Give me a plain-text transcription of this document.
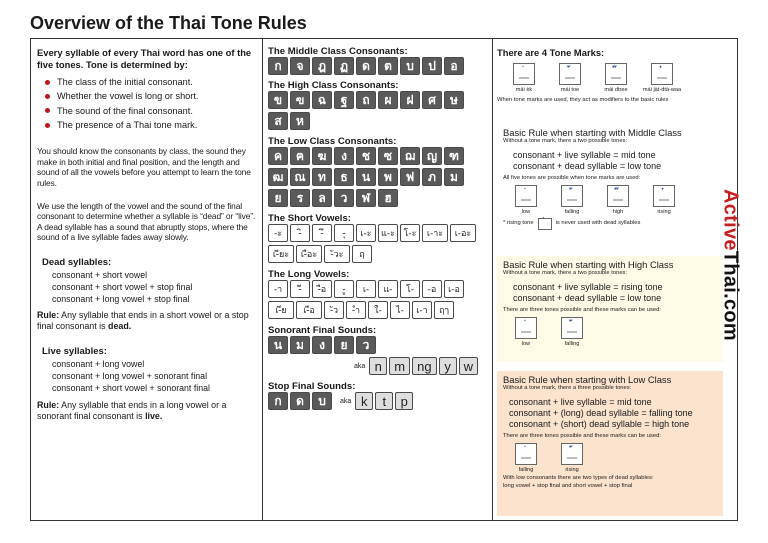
Overview of the Thai Tone Rules
Every syllable of every Thai word has one of the five tones. Tone is determined by:
The class of the initial consonant.
Whether the vowel is long or short.
The sound of the final consonant.
The presence of a Thai tone mark.
You should know the consonants by class, the sound they make in both initial and final position, and the length and sound of all the vowels before you attempt to learn the tone rules.
We use the length of the vowel and the sound of the final consonant to determine whether a syllable is “dead” or “live”. A dead syllable has a sound that abruptly stops, where the sound of a live syllable fades away slowly.
Dead syllables:
consonant + short vowel
consonant + short vowel + stop final
consonant + long vowel + stop final
Rule: Any syllable that ends in a short vowel or a stop final consonant is dead.
Live syllables:
consonant + long vowel
consonant + long vowel + sonorant final
consonant + short vowel + sonorant final
Rule: Any syllable that ends in a long vowel or a sonorant final consonant is live.
The Middle Class Consonants:
ก	จ	ฎ	ฏ	ด	ต	บ	ป	อ
The High Class Consonants:
ข	ฃ	ฉ	ฐ	ถ	ผ	ฝ	ศ	ษ
ส	ห
The Low Class Consonants:
ค	ฅ	ฆ	ง	ช	ซ	ฌ ญ ฑ
ฒ ณ	ท	ธ	น	พ	ฟ	ภ	ม
ย	ร	ล	ว	ฬ	ฮ
The Short Vowels:
-ะ	-ิ	-ึ	-ุ	เ-ะ	แ-ะ โ-ะ	เ-าะ	เ-อะ
เ-ียะ	เ-ือะ	-ัวะ	ฤ
The Long Vowels:
-า	-ี	-ือ	-ู	เ-	แ-	โ-	-อ	เ-อ
เ-ีย	เ-ือ	-ัว	-ำ	ใ-	ไ-	เ-า	ฤๅ
Sonorant Final Sounds:
น	ม	ง	ย	ว
aka n m ng y w
Stop Final Sounds:
ก	ด	บ	aka k	t	p
There are 4 Tone Marks:
mái èk	mái toe	mái dtree	mái jàt-dtà-waa
When tone marks are used, they act as modifiers to the basic rules
Basic Rule when starting with Middle Class
Without a tone mark, there a two possible tones:
consonant + live syllable = mid tone
consonant + dead syllable = low tone
All five tones are possible when tone marks are used:
low	falling	high	rising
* rising tone	is never used with dead syllables
Basic Rule when starting with High Class
Without a tone mark, there a two possible tones:
consonant + live syllable = rising tone
consonant + dead syllable = low tone
There are three tones possible and these marks can be used:
low	falling
Basic Rule when starting with Low Class
Without a tone mark, there a three possible tones:
consonant + live syllable = mid tone
consonant + (long) dead syllable = falling tone
consonant + (short) dead syllable = high tone
There are three tones possible and these marks can be used:
falling	rising
With low consonants there are two types of dead syllables:
long vowel + stop final and short vowel + stop final
ActiveThai.com
